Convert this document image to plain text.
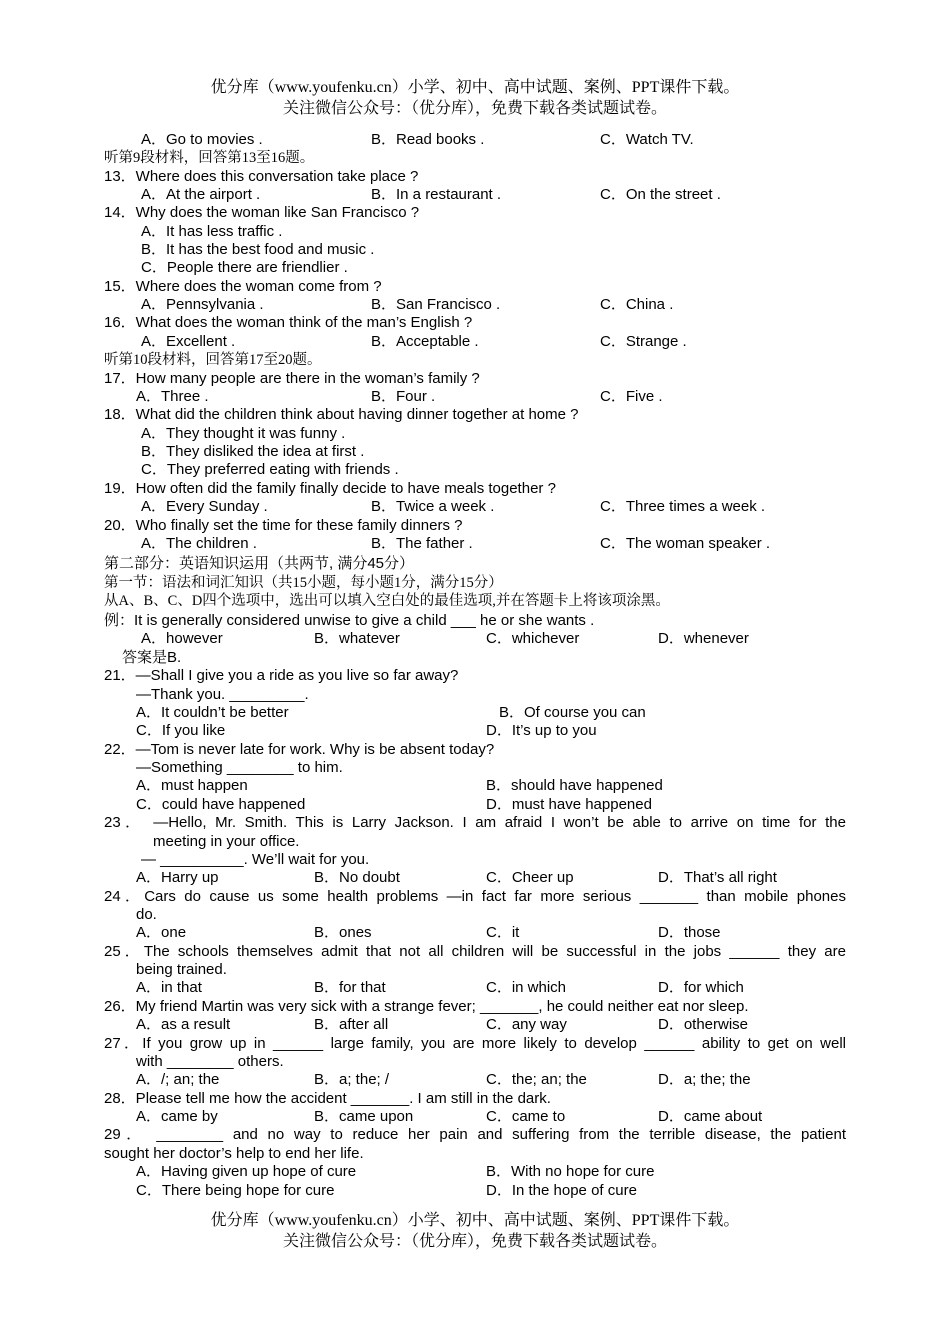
优分库（www.youfenku.cn）小学、初中、高中试题、案例、PPT课件下载。
关注微信公众号：（优分库），免费下载各类试题试卷。
A．Go to movies .	B．Read books .	C．Watch TV.
听第9段材料，回答第13至16题。
13．Where does this conversation take place ?
A．At the airport .	B．In a restaurant .	C．On the street .
14．Why does the woman like San Francisco ?
A．It has less traffic .
B．It has the best food and music .
C．People there are friendlier .
15．Where does the woman come from ?
A．Pennsylvania .	B．San Francisco .	C．China .
16．What does the woman think of the man’s English ?
A．Excellent .	B．Acceptable .	C．Strange .
听第10段材料，回答第17至20题。
17．How many people are there in the woman’s family ?
A．Three .	B．Four .	C．Five .
18．What did the children think about having dinner together at home ?
A．They thought it was funny .
B．They disliked the idea at first .
C．They preferred eating with friends .
19．How often did the family finally decide to have meals together ?
A．Every Sunday .	B．Twice a week .	C．Three times a week .
20．Who finally set the time for these family dinners ?
A．The children .	B．The father .	C．The woman speaker .
第二部分：英语知识运用（共两节, 满分45分）
第一节：语法和词汇知识（共15小题，每小题1分，满分15分）
从A、B、C、D四个选项中，选出可以填入空白处的最佳选项,并在答题卡上将该项涂黑。
例：It is generally considered unwise to give a child ___ he or she wants .
A．however	B．whatever	C．whichever	D．whenever
答案是B.
21．—Shall I give you a ride as you live so far away?
—Thank you. _________.
A．It couldn’t be better	B．Of course you can
C．If you like	D．It’s up to you
22．—Tom is never late for work. Why is be absent today?
—Something ________ to him.
A．must happen	B．should have happened
C．could have happened	D．must have happened
23． —Hello, Mr. Smith. This is Larry Jackson. I am afraid I won’t be able to arrive on time for the
meeting in your office.
— __________. We’ll wait for you.
A．Harry up	B．No doubt	C．Cheer up	D．That’s all right
24．Cars do cause us some health problems —in fact far more serious _______ than mobile phones
do.
A．one	B．ones	C．it	D．those
25．The schools themselves admit that not all children will be successful in the jobs ______ they are
being trained.
A．in that	B．for that	C．in which	D．for which
26．My friend Martin was very sick with a strange fever; _______, he could neither eat nor sleep.
A．as a result	B．after all	C．any way	D．otherwise
27．If you grow up in ______ large family, you are more likely to develop ______ ability to get on well
with ________ others.
A．/; an; the	B．a; the; /	C．the; an; the	D．a; the; the
28．Please tell me how the accident _______. I am still in the dark.
A．came by	B．came upon	C．came to	D．came about
29． ________ and no way to reduce her pain and suffering from the terrible disease, the patient
sought her doctor’s help to end her life.
A．Having given up hope of cure	B．With no hope for cure
C．There being hope for cure	D．In the hope of cure
优分库（www.youfenku.cn）小学、初中、高中试题、案例、PPT课件下载。
关注微信公众号：（优分库），免费下载各类试题试卷。
